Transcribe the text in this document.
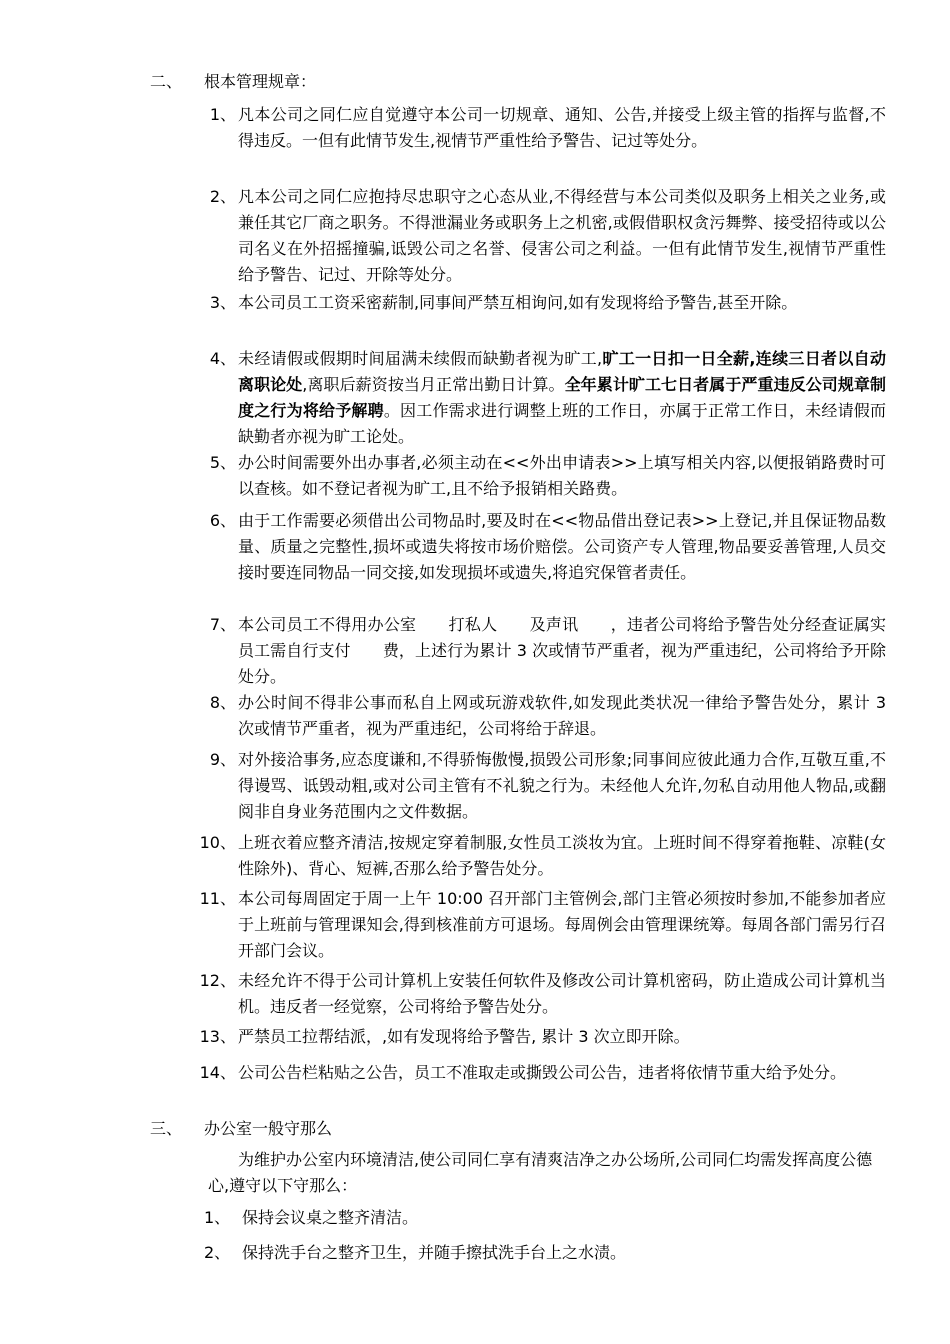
二、 根本管理规章：
1、 凡本公司之同仁应自觉遵守本公司一切规章、通知、公告,并接受上级主管的指挥与监督,不得违反。一但有此情节发生,视情节严重性给予警告、记过等处分。
2、 凡本公司之同仁应抱持尽忠职守之心态从业,不得经营与本公司类似及职务上相关之业务,或兼任其它厂商之职务。不得泄漏业务或职务上之机密,或假借职权贪污舞弊、接受招待或以公司名义在外招摇撞骗,诋毁公司之名誉、侵害公司之利益。一但有此情节发生,视情节严重性给予警告、记过、开除等处分。
3、 本公司员工工资采密薪制,同事间严禁互相询问,如有发现将给予警告,甚至开除。
4、 未经请假或假期时间届满未续假而缺勤者视为旷工,旷工一日扣一日全薪,连续三日者以自动离职论处,离职后薪资按当月正常出勤日计算。全年累计旷工七日者属于严重违反公司规章制度之行为将给予解聘。因工作需求进行调整上班的工作日，亦属于正常工作日，未经请假而缺勤者亦视为旷工论处。
5、 办公时间需要外出办事者,必须主动在<<外出申请表>>上填写相关内容,以便报销路费时可以查核。如不登记者视为旷工,且不给予报销相关路费。
6、 由于工作需要必须借出公司物品时,要及时在<<物品借出登记表>>上登记,并且保证物品数量、质量之完整性,损坏或遗失将按市场价赔偿。公司资产专人管理,物品要妥善管理,人员交接时要连同物品一同交接,如发现损坏或遗失,将追究保管者责任。
7、 本公司员工不得用办公室　　打私人　　及声讯　　，违者公司将给予警告处分经查证属实员工需自行支付　　费，上述行为累计 3 次或情节严重者，视为严重违纪，公司将给予开除处分。
8、 办公时间不得非公事而私自上网或玩游戏软件,如发现此类状况一律给予警告处分，累计 3 次或情节严重者，视为严重违纪，公司将给于辞退。
9、 对外接洽事务,应态度谦和,不得骄悔傲慢,损毁公司形象;同事间应彼此通力合作,互敬互重,不得谩骂、诋毁动粗,或对公司主管有不礼貌之行为。未经他人允许,勿私自动用他人物品,或翻阅非自身业务范围内之文件数据。
10、 上班衣着应整齐清洁,按规定穿着制服,女性员工淡妆为宜。上班时间不得穿着拖鞋、凉鞋(女性除外)、背心、短裤,否那么给予警告处分。
11、 本公司每周固定于周一上午 10:00 召开部门主管例会,部门主管必须按时参加,不能参加者应于上班前与管理课知会,得到核准前方可退场。每周例会由管理课统筹。每周各部门需另行召开部门会议。
12、 未经允许不得于公司计算机上安装任何软件及修改公司计算机密码，防止造成公司计算机当机。违反者一经觉察，公司将给予警告处分。
13、 严禁员工拉帮结派，,如有发现将给予警告, 累计 3 次立即开除。
14、 公司公告栏粘贴之公告，员工不准取走或撕毁公司公告，违者将依情节重大给予处分。
三、 办公室一般守那么
为维护办公室内环境清洁,使公司同仁享有清爽洁净之办公场所,公司同仁均需发挥高度公德心,遵守以下守那么：
1、 保持会议桌之整齐清洁。
2、 保持洗手台之整齐卫生，并随手擦拭洗手台上之水渍。
